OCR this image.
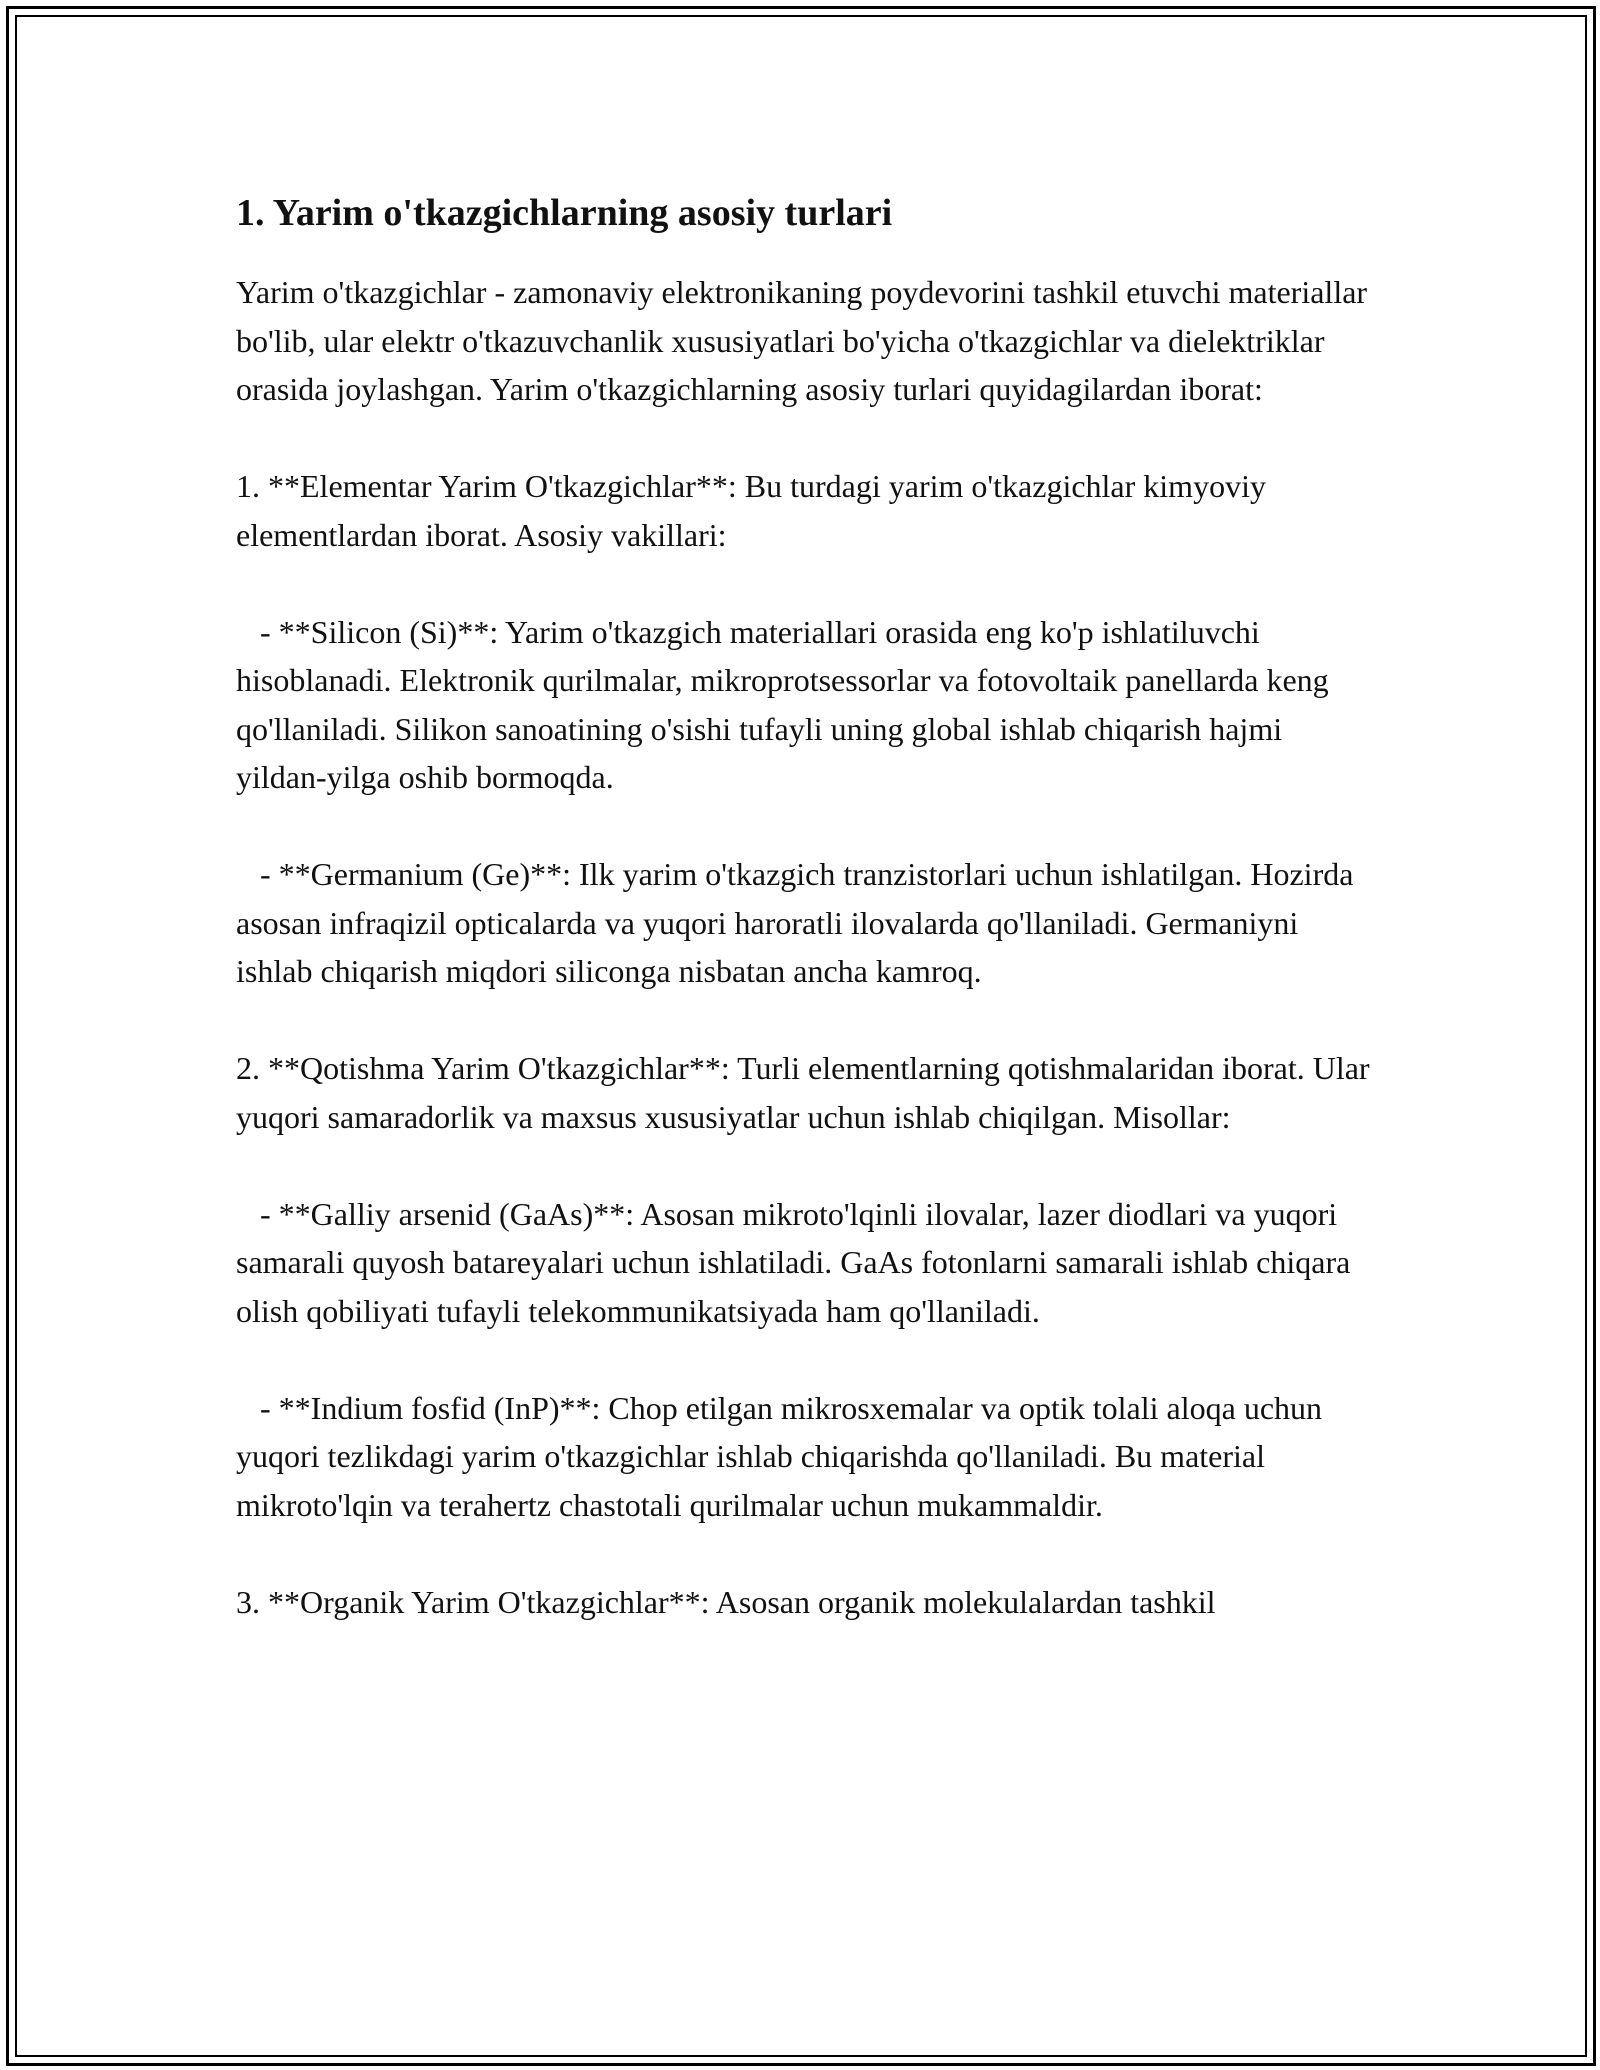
1. Yarim o'tkazgichlarning asosiy turlari

Yarim o'tkazgichlar - zamonaviy elektronikaning poydevorini tashkil etuvchi materiallar bo'lib, ular elektr o'tkazuvchanlik xususiyatlari bo'yicha o'tkazgichlar va dielektriklar orasida joylashgan. Yarim o'tkazgichlarning asosiy turlari quyidagilardan iborat:

1. **Elementar Yarim O'tkazgichlar**: Bu turdagi yarim o'tkazgichlar kimyoviy elementlardan iborat. Asosiy vakillari:

- **Silicon (Si)**: Yarim o'tkazgich materiallari orasida eng ko'p ishlatiluvchi hisoblanadi. Elektronik qurilmalar, mikroprotsessorlar va fotovoltaik panellarda keng qo'llaniladi. Silikon sanoatining o'sishi tufayli uning global ishlab chiqarish hajmi yildan-yilga oshib bormoqda.

- **Germanium (Ge)**: Ilk yarim o'tkazgich tranzistorlari uchun ishlatilgan. Hozirda asosan infraqizil opticalarda va yuqori haroratli ilovalarda qo'llaniladi. Germaniyni ishlab chiqarish miqdori siliconga nisbatan ancha kamroq.

2. **Qotishma Yarim O'tkazgichlar**: Turli elementlarning qotishmalaridan iborat. Ular yuqori samaradorlik va maxsus xususiyatlar uchun ishlab chiqilgan. Misollar:

- **Galliy arsenid (GaAs)**: Asosan mikroto'lqinli ilovalar, lazer diodlari va yuqori samarali quyosh batareyalari uchun ishlatiladi. GaAs fotonlarni samarali ishlab chiqara olish qobiliyati tufayli telekommunikatsiyada ham qo'llaniladi.

- **Indium fosfid (InP)**: Chop etilgan mikrosxemalar va optik tolali aloqa uchun yuqori tezlikdagi yarim o'tkazgichlar ishlab chiqarishda qo'llaniladi. Bu material mikroto'lqin va terahertz chastotali qurilmalar uchun mukammaldir.

3. **Organik Yarim O'tkazgichlar**: Asosan organik molekulalardan tashkil
